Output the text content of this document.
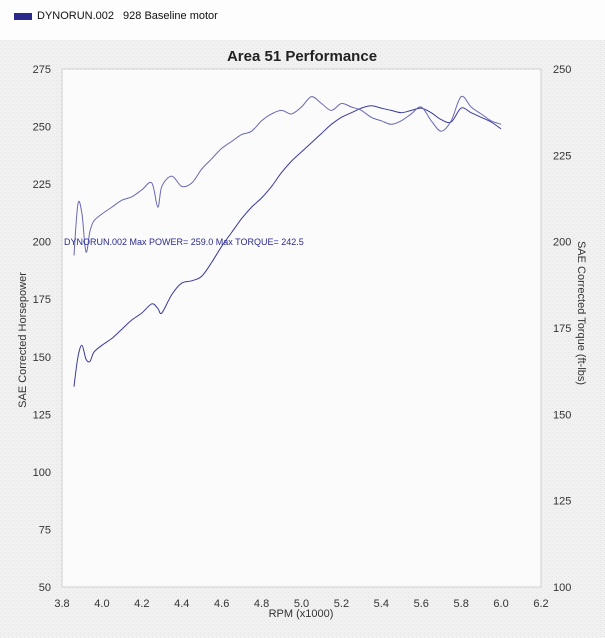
DYNORUN.002 928 Baseline motor
Area 51 Performance
3.8 4.0 4.2 4.4 4.6 4.8 5.0 5.2 5.4 5.6 5.8 6.0 6.2
50
75
100
125
150
175
200
225
250
275
100
125
150
175
200
225
250
RPM (x1000)
SAE Corrected Horsepower	SAE Corrected Torque (ft-lbs)
DYNORUN.002 Max POWER= 259.0 Max TORQUE= 242.5
